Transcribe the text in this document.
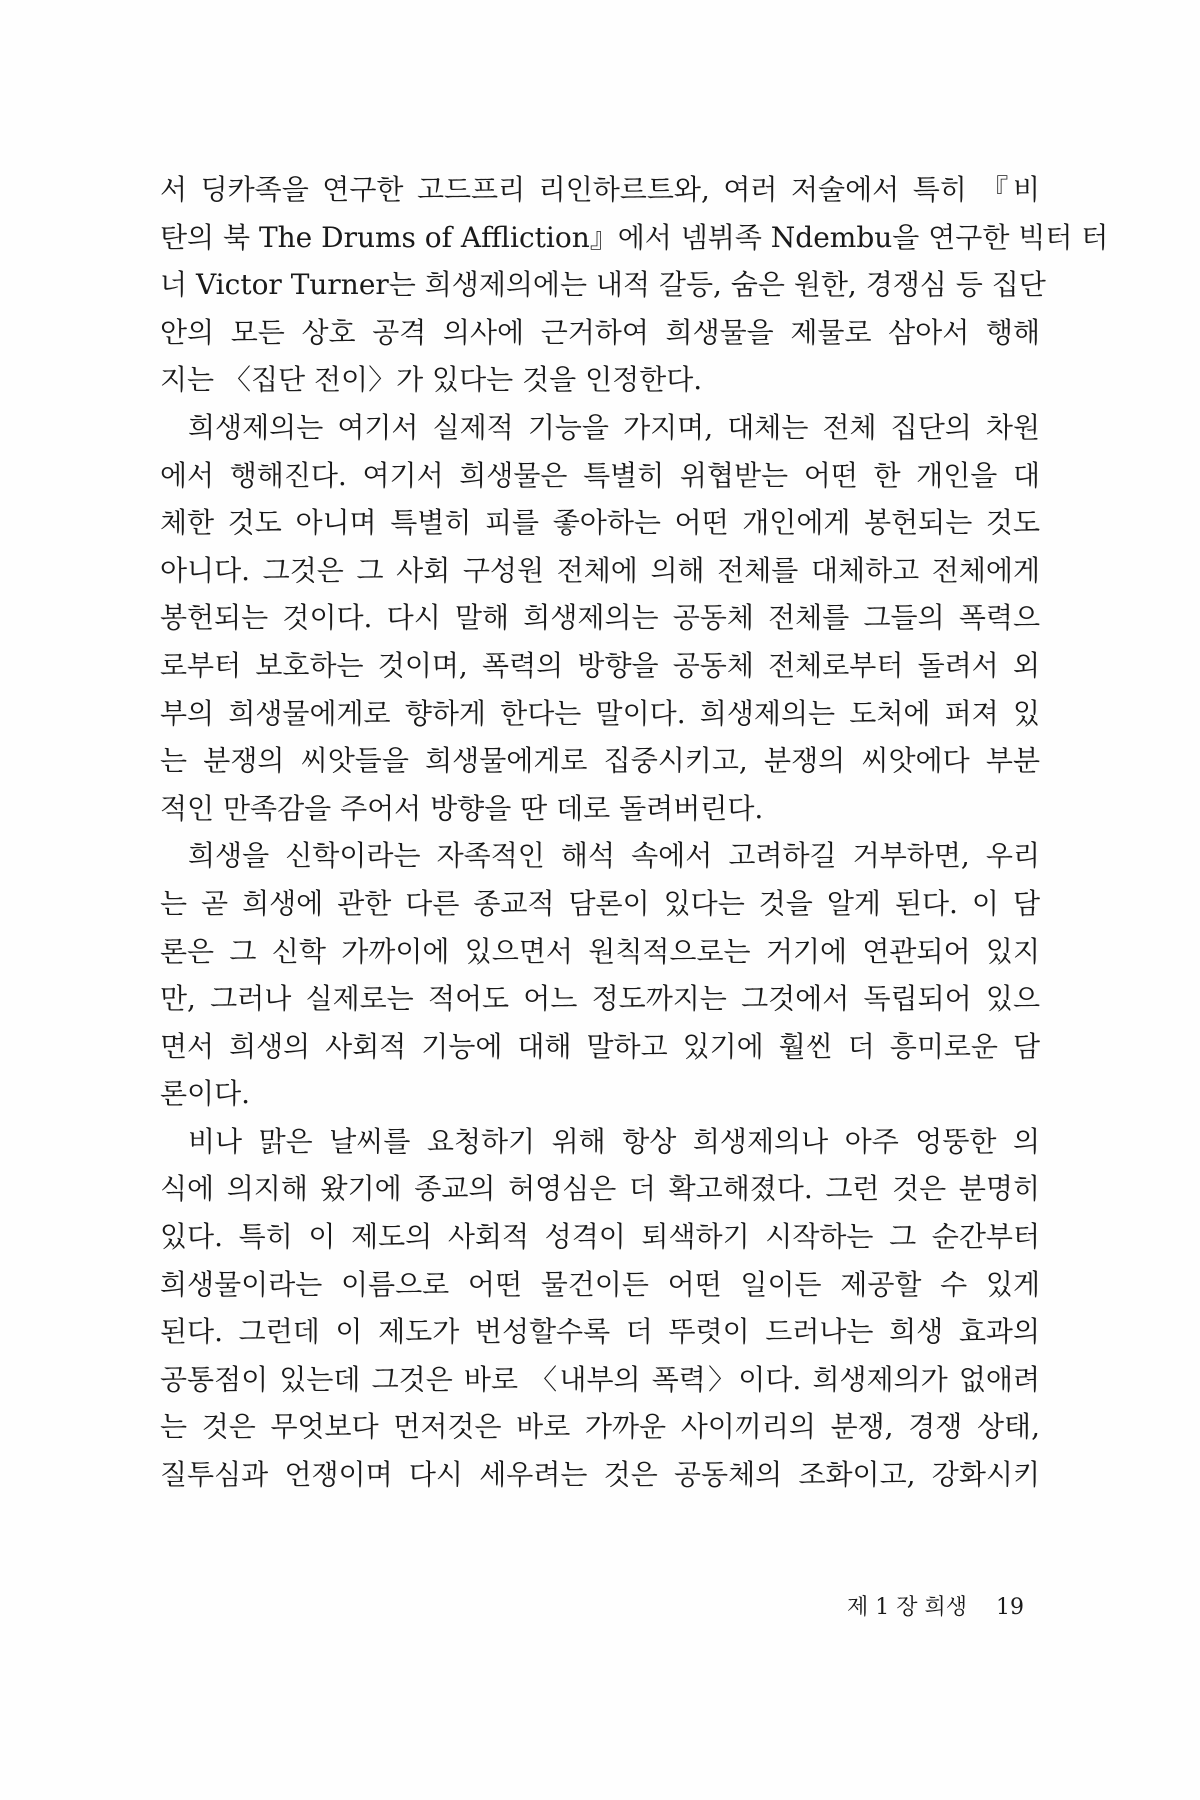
서 딩카족을 연구한 고드프리 리인하르트와, 여러 저술에서 특히 『비
탄의 북 The Drums of Affliction』에서 넴뷔족 Ndembu을 연구한 빅터 터
너 Victor Turner는 희생제의에는 내적 갈등, 숨은 원한, 경쟁심 등 집단
안의 모든 상호 공격 의사에 근거하여 희생물을 제물로 삼아서 행해
지는 〈집단 전이〉가 있다는 것을 인정한다.
희생제의는 여기서 실제적 기능을 가지며, 대체는 전체 집단의 차원
에서 행해진다. 여기서 희생물은 특별히 위협받는 어떤 한 개인을 대
체한 것도 아니며 특별히 피를 좋아하는 어떤 개인에게 봉헌되는 것도
아니다. 그것은 그 사회 구성원 전체에 의해 전체를 대체하고 전체에게
봉헌되는 것이다. 다시 말해 희생제의는 공동체 전체를 그들의 폭력으
로부터 보호하는 것이며, 폭력의 방향을 공동체 전체로부터 돌려서 외
부의 희생물에게로 향하게 한다는 말이다. 희생제의는 도처에 퍼져 있
는 분쟁의 씨앗들을 희생물에게로 집중시키고, 분쟁의 씨앗에다 부분
적인 만족감을 주어서 방향을 딴 데로 돌려버린다.
희생을 신학이라는 자족적인 해석 속에서 고려하길 거부하면, 우리
는 곧 희생에 관한 다른 종교적 담론이 있다는 것을 알게 된다. 이 담
론은 그 신학 가까이에 있으면서 원칙적으로는 거기에 연관되어 있지
만, 그러나 실제로는 적어도 어느 정도까지는 그것에서 독립되어 있으
면서 희생의 사회적 기능에 대해 말하고 있기에 훨씬 더 흥미로운 담
론이다.
비나 맑은 날씨를 요청하기 위해 항상 희생제의나 아주 엉뚱한 의
식에 의지해 왔기에 종교의 허영심은 더 확고해졌다. 그런 것은 분명히
있다. 특히 이 제도의 사회적 성격이 퇴색하기 시작하는 그 순간부터
희생물이라는 이름으로 어떤 물건이든 어떤 일이든 제공할 수 있게
된다. 그런데 이 제도가 번성할수록 더 뚜렷이 드러나는 희생 효과의
공통점이 있는데 그것은 바로 〈내부의 폭력〉이다. 희생제의가 없애려
는 것은 무엇보다 먼저것은 바로 가까운 사이끼리의 분쟁, 경쟁 상태,
질투심과 언쟁이며 다시 세우려는 것은 공동체의 조화이고, 강화시키
제 1 장 희생 19
